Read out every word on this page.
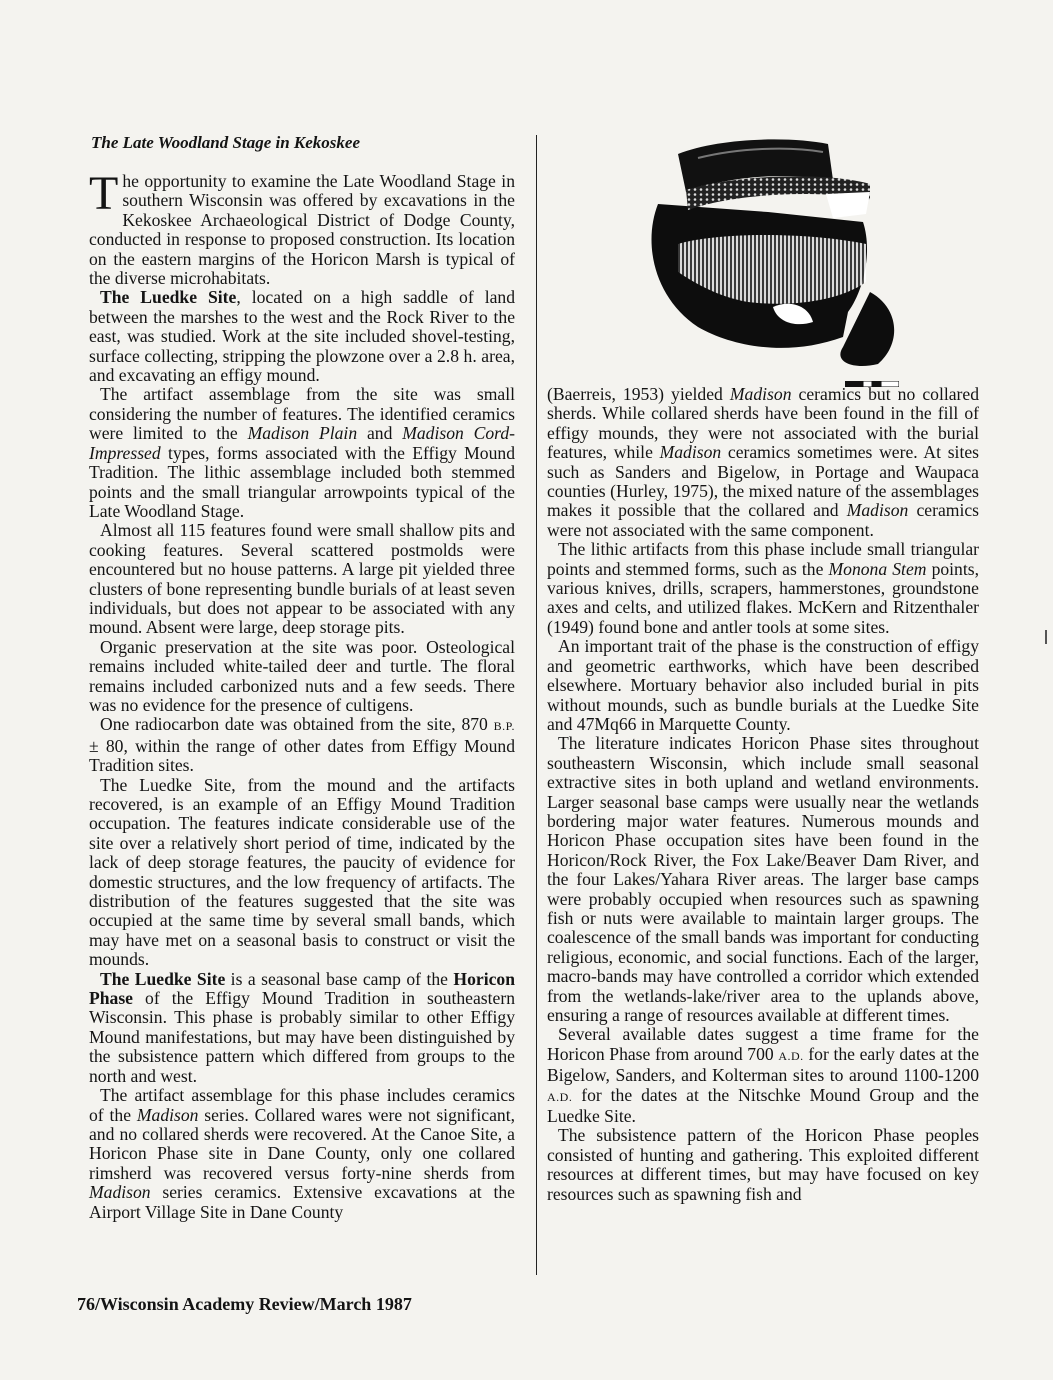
The Late Woodland Stage in Kekoskee

The opportunity to examine the Late Woodland Stage in southern Wisconsin was offered by excavations in the Kekoskee Archaeological District of Dodge County, conducted in response to proposed construction. Its location on the eastern margins of the Horicon Marsh is typical of the diverse microhabitats.

The Luedke Site, located on a high saddle of land between the marshes to the west and the Rock River to the east, was studied. Work at the site included shovel-testing, surface collecting, stripping the plowzone over a 2.8 h. area, and excavating an effigy mound.

The artifact assemblage from the site was small considering the number of features. The identified ceramics were limited to the Madison Plain and Madison Cord-Impressed types, forms associated with the Effigy Mound Tradition. The lithic assemblage included both stemmed points and the small triangular arrowpoints typical of the Late Woodland Stage.

Almost all 115 features found were small shallow pits and cooking features. Several scattered postmolds were encountered but no house patterns. A large pit yielded three clusters of bone representing bundle burials of at least seven individuals, but does not appear to be associated with any mound. Absent were large, deep storage pits.

Organic preservation at the site was poor. Osteological remains included white-tailed deer and turtle. The floral remains included carbonized nuts and a few seeds. There was no evidence for the presence of cultigens.

One radiocarbon date was obtained from the site, 870 B.P. ± 80, within the range of other dates from Effigy Mound Tradition sites.

The Luedke Site, from the mound and the artifacts recovered, is an example of an Effigy Mound Tradition occupation. The features indicate considerable use of the site over a relatively short period of time, indicated by the lack of deep storage features, the paucity of evidence for domestic structures, and the low frequency of artifacts. The distribution of the features suggested that the site was occupied at the same time by several small bands, which may have met on a seasonal basis to construct or visit the mounds.

The Luedke Site is a seasonal base camp of the Horicon Phase of the Effigy Mound Tradition in southeastern Wisconsin. This phase is probably similar to other Effigy Mound manifestations, but may have been distinguished by the subsistence pattern which differed from groups to the north and west.

The artifact assemblage for this phase includes ceramics of the Madison series. Collared wares were not significant, and no collared sherds were recovered. At the Canoe Site, a Horicon Phase site in Dane County, only one collared rimsherd was recovered versus forty-nine sherds from Madison series ceramics. Extensive excavations at the Airport Village Site in Dane County

(Baerreis, 1953) yielded Madison ceramics but no collared sherds. While collared sherds have been found in the fill of effigy mounds, they were not associated with the burial features, while Madison ceramics sometimes were. At sites such as Sanders and Bigelow, in Portage and Waupaca counties (Hurley, 1975), the mixed nature of the assemblages makes it possible that the collared and Madison ceramics were not associated with the same component.

The lithic artifacts from this phase include small triangular points and stemmed forms, such as the Monona Stem points, various knives, drills, scrapers, hammerstones, groundstone axes and celts, and utilized flakes. McKern and Ritzenthaler (1949) found bone and antler tools at some sites.

An important trait of the phase is the construction of effigy and geometric earthworks, which have been described elsewhere. Mortuary behavior also included burial in pits without mounds, such as bundle burials at the Luedke Site and 47Mq66 in Marquette County.

The literature indicates Horicon Phase sites throughout southeastern Wisconsin, which include small seasonal extractive sites in both upland and wetland environments. Larger seasonal base camps were usually near the wetlands bordering major water features. Numerous mounds and Horicon Phase occupation sites have been found in the Horicon/Rock River, the Fox Lake/Beaver Dam River, and the four Lakes/Yahara River areas. The larger base camps were probably occupied when resources such as spawning fish or nuts were available to maintain larger groups. The coalescence of the small bands was important for conducting religious, economic, and social functions. Each of the larger, macro-bands may have controlled a corridor which extended from the wetlands-lake/river area to the uplands above, ensuring a range of resources available at different times.

Several available dates suggest a time frame for the Horicon Phase from around 700 A.D. for the early dates at the Bigelow, Sanders, and Kolterman sites to around 1100-1200 A.D. for the dates at the Nitschke Mound Group and the Luedke Site.

The subsistence pattern of the Horicon Phase peoples consisted of hunting and gathering. This exploited different resources at different times, but may have focused on key resources such as spawning fish and

76/Wisconsin Academy Review/March 1987
